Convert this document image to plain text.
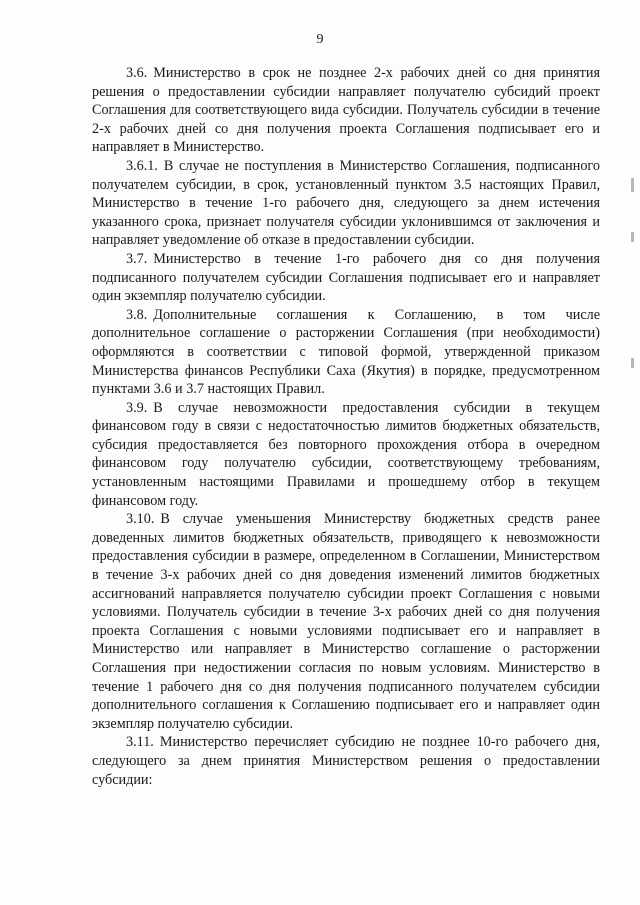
9

3.6. Министерство в срок не позднее 2-х рабочих дней со дня принятия решения о предоставлении субсидии направляет получателю субсидий проект Соглашения для соответствующего вида субсидии. Получатель субсидии в течение 2-х рабочих дней со дня получения проекта Соглашения подписывает его и направляет в Министерство.

3.6.1. В случае не поступления в Министерство Соглашения, подписанного получателем субсидии, в срок, установленный пунктом 3.5 настоящих Правил, Министерство в течение 1-го рабочего дня, следующего за днем истечения указанного срока, признает получателя субсидии уклонившимся от заключения и направляет уведомление об отказе в предоставлении субсидии.

3.7. Министерство в течение 1-го рабочего дня со дня получения подписанного получателем субсидии Соглашения подписывает его и направляет один экземпляр получателю субсидии.

3.8. Дополнительные соглашения к Соглашению, в том числе дополнительное соглашение о расторжении Соглашения (при необходимости) оформляются в соответствии с типовой формой, утвержденной приказом Министерства финансов Республики Саха (Якутия) в порядке, предусмотренном пунктами 3.6 и 3.7 настоящих Правил.

3.9. В случае невозможности предоставления субсидии в текущем финансовом году в связи с недостаточностью лимитов бюджетных обязательств, субсидия предоставляется без повторного прохождения отбора в очередном финансовом году получателю субсидии, соответствующему требованиям, установленным настоящими Правилами и прошедшему отбор в текущем финансовом году.

3.10. В случае уменьшения Министерству бюджетных средств ранее доведенных лимитов бюджетных обязательств, приводящего к невозможности предоставления субсидии в размере, определенном в Соглашении, Министерством в течение 3-х рабочих дней со дня доведения изменений лимитов бюджетных ассигнований направляется получателю субсидии проект Соглашения с новыми условиями. Получатель субсидии в течение 3-х рабочих дней со дня получения проекта Соглашения с новыми условиями подписывает его и направляет в Министерство или направляет в Министерство соглашение о расторжении Соглашения при недостижении согласия по новым условиям. Министерство в течение 1 рабочего дня со дня получения подписанного получателем субсидии дополнительного соглашения к Соглашению подписывает его и направляет один экземпляр получателю субсидии.

3.11. Министерство перечисляет субсидию не позднее 10-го рабочего дня, следующего за днем принятия Министерством решения о предоставлении субсидии:
